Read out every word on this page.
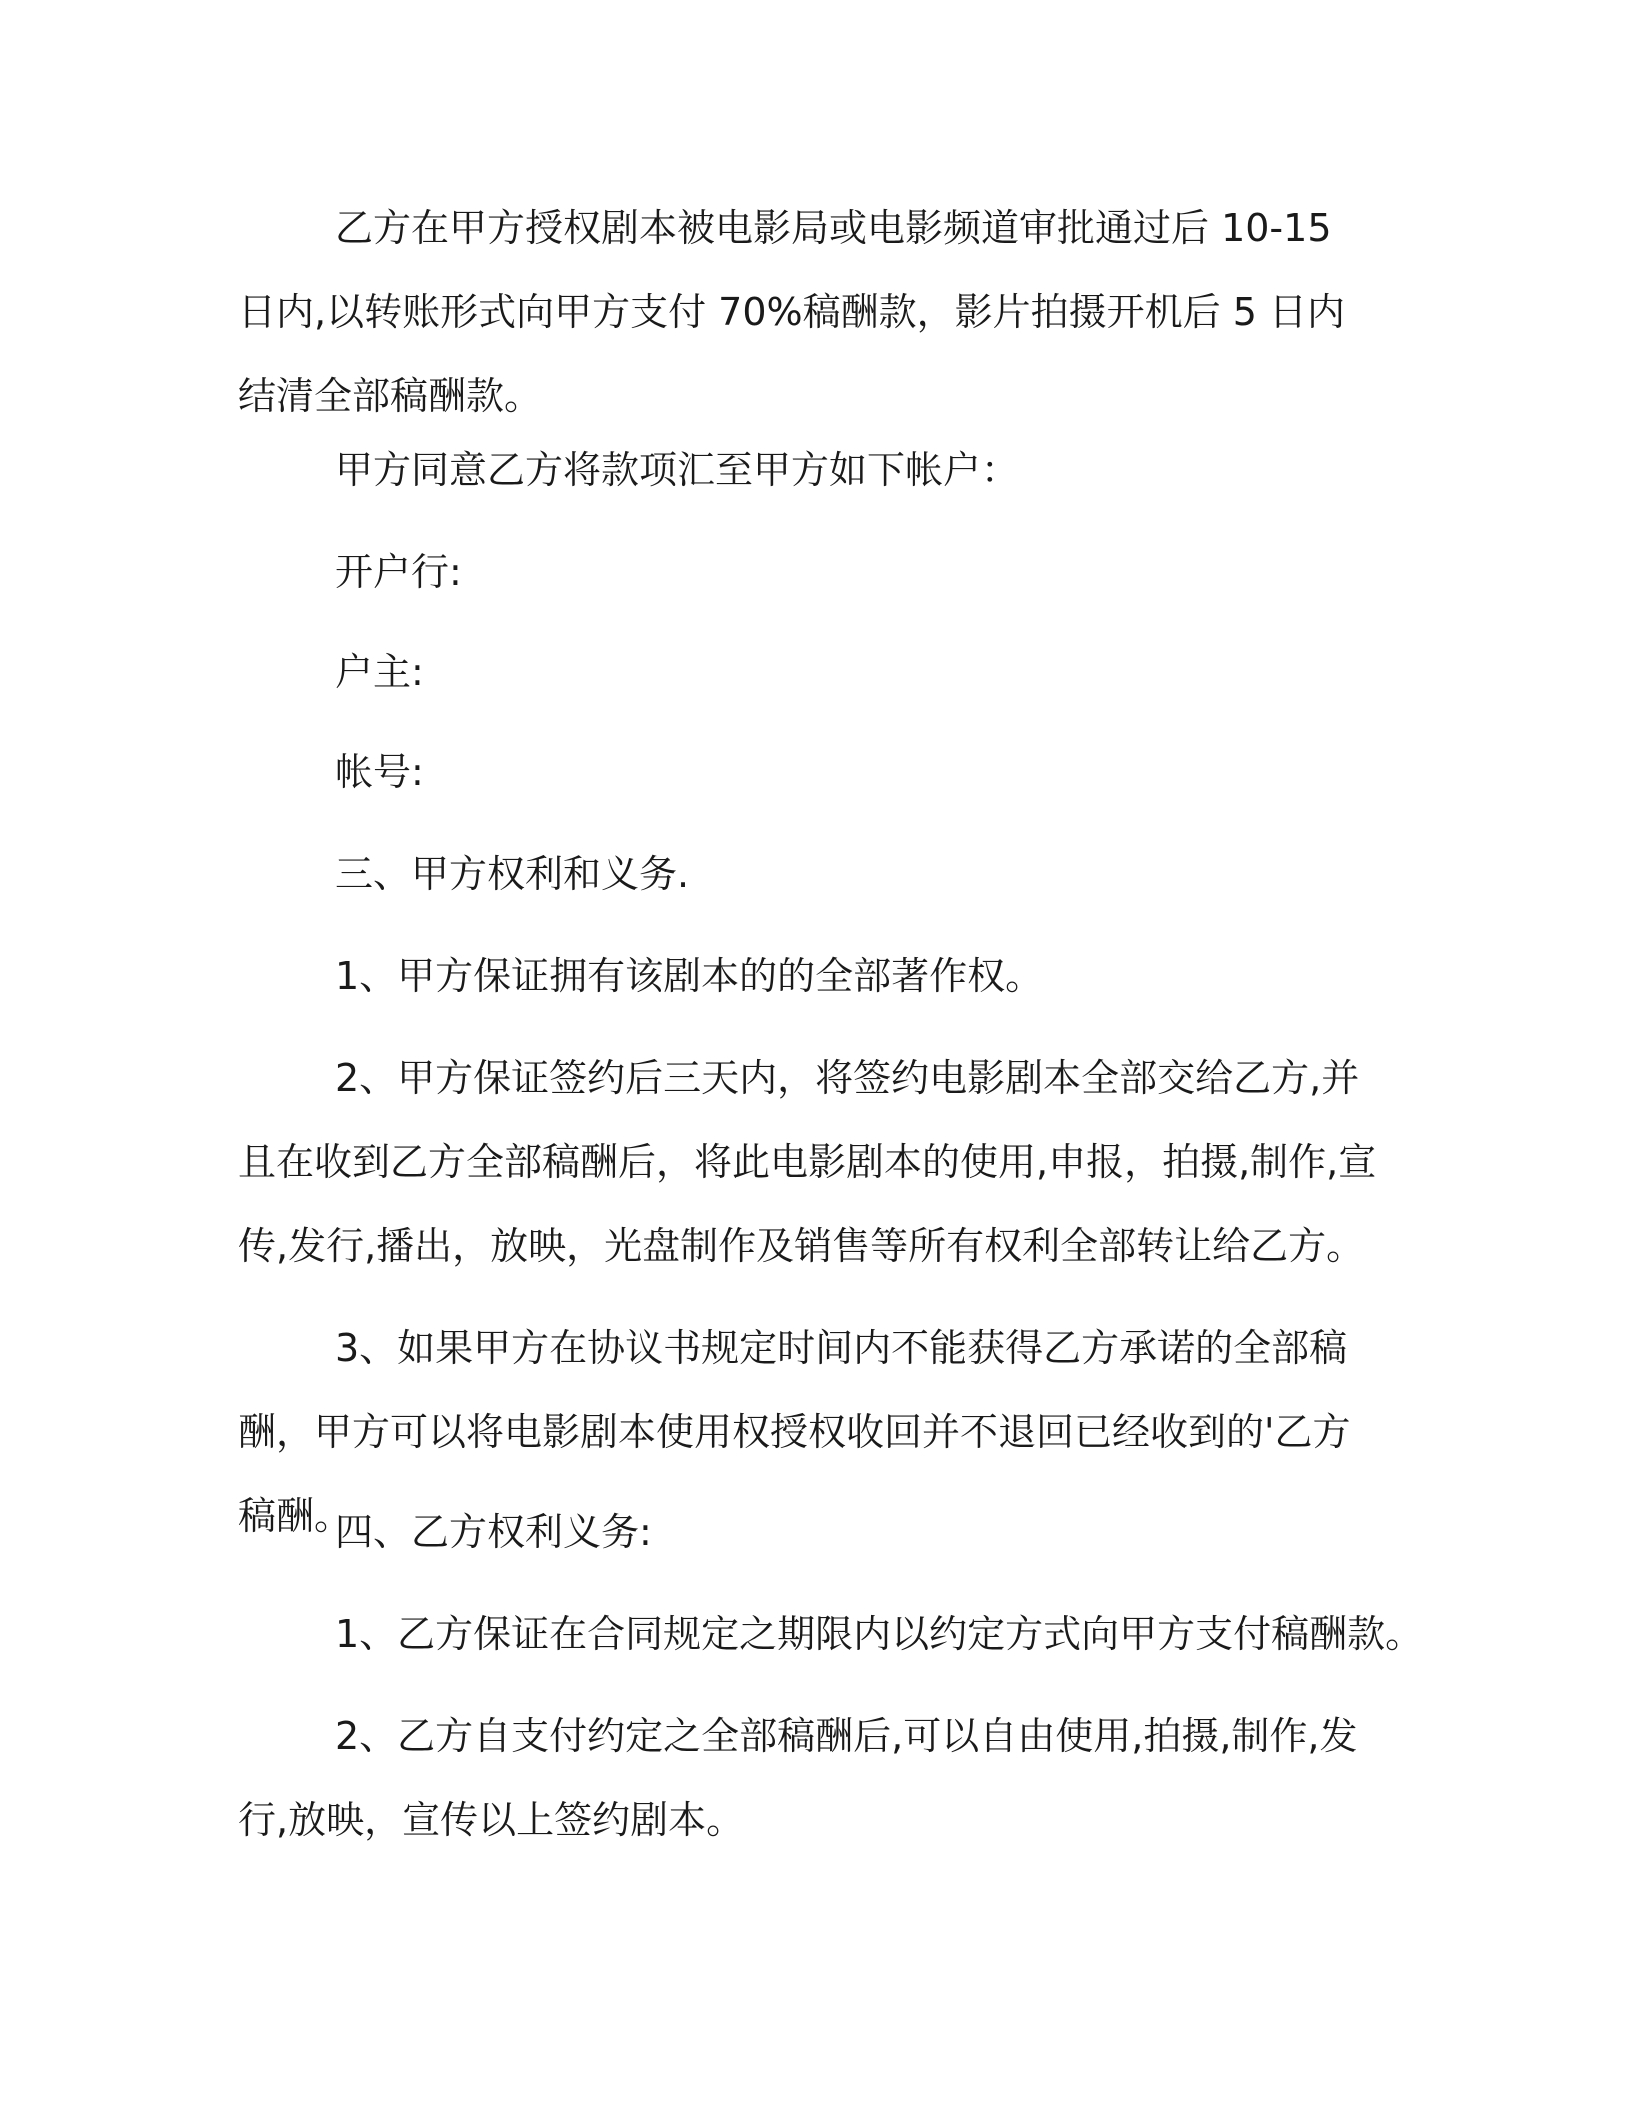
乙方在甲方授权剧本被电影局或电影频道审批通过后 10-15 日内,以转账形式向甲方支付 70%稿酬款，影片拍摄开机后 5 日内结清全部稿酬款。

甲方同意乙方将款项汇至甲方如下帐户：

开户行:

户主:

帐号:

三、甲方权利和义务.

1、甲方保证拥有该剧本的的全部著作权。

2、甲方保证签约后三天内，将签约电影剧本全部交给乙方,并且在收到乙方全部稿酬后，将此电影剧本的使用,申报，拍摄,制作,宣传,发行,播出，放映，光盘制作及销售等所有权利全部转让给乙方。

3、如果甲方在协议书规定时间内不能获得乙方承诺的全部稿酬，甲方可以将电影剧本使用权授权收回并不退回已经收到的'乙方稿酬。

四、乙方权利义务:

1、乙方保证在合同规定之期限内以约定方式向甲方支付稿酬款。

2、乙方自支付约定之全部稿酬后,可以自由使用,拍摄,制作,发行,放映，宣传以上签约剧本。
